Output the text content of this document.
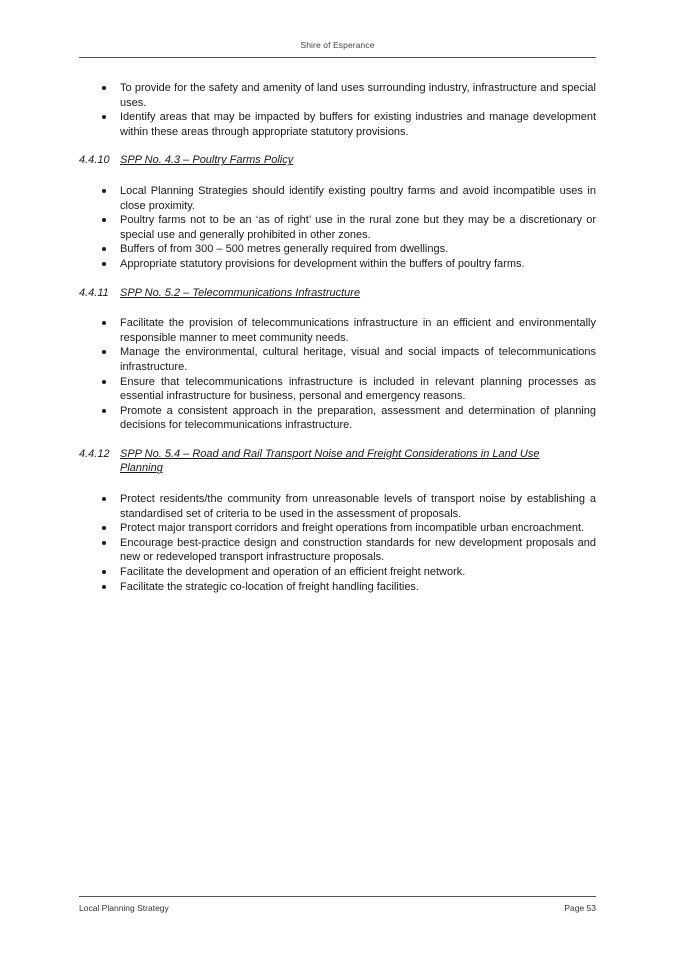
Shire of Esperance
To provide for the safety and amenity of land uses surrounding industry, infrastructure and special uses.
Identify areas that may be impacted by buffers for existing industries and manage development within these areas through appropriate statutory provisions.
4.4.10 SPP No. 4.3 – Poultry Farms Policy
Local Planning Strategies should identify existing poultry farms and avoid incompatible uses in close proximity.
Poultry farms not to be an ‘as of right’ use in the rural zone but they may be a discretionary or special use and generally prohibited in other zones.
Buffers of from 300 – 500 metres generally required from dwellings.
Appropriate statutory provisions for development within the buffers of poultry farms.
4.4.11 SPP No. 5.2 – Telecommunications Infrastructure
Facilitate the provision of telecommunications infrastructure in an efficient and environmentally responsible manner to meet community needs.
Manage the environmental, cultural heritage, visual and social impacts of telecommunications infrastructure.
Ensure that telecommunications infrastructure is included in relevant planning processes as essential infrastructure for business, personal and emergency reasons.
Promote a consistent approach in the preparation, assessment and determination of planning decisions for telecommunications infrastructure.
4.4.12 SPP No. 5.4 – Road and Rail Transport Noise and Freight Considerations in Land Use Planning
Protect residents/the community from unreasonable levels of transport noise by establishing a standardised set of criteria to be used in the assessment of proposals.
Protect major transport corridors and freight operations from incompatible urban encroachment.
Encourage best-practice design and construction standards for new development proposals and new or redeveloped transport infrastructure proposals.
Facilitate the development and operation of an efficient freight network.
Facilitate the strategic co-location of freight handling facilities.
Local Planning Strategy	Page 53
